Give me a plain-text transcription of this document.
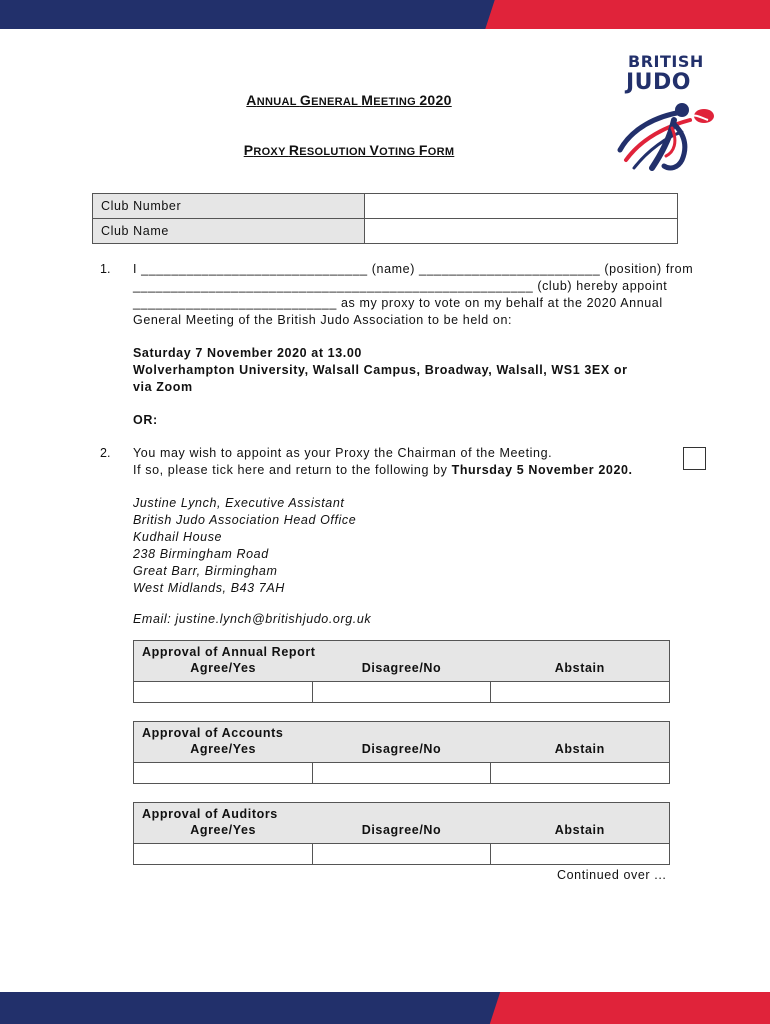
BRITISH
JUDO
ANNUAL GENERAL MEETING 2020
PROXY RESOLUTION VOTING FORM
Club Number	
Club Name	
1. I ______________________________ (name) ________________________ (position) from
_____________________________________________________ (club) hereby appoint
___________________________ as my proxy to vote on my behalf at the 2020 Annual
General Meeting of the British Judo Association to be held on:
Saturday 7 November 2020 at 13.00
Wolverhampton University, Walsall Campus, Broadway, Walsall, WS1 3EX or
via Zoom
OR:
2. You may wish to appoint as your Proxy the Chairman of the Meeting.
If so, please tick here and return to the following by Thursday 5 November 2020.
Justine Lynch, Executive Assistant
British Judo Association Head Office
Kudhail House
238 Birmingham Road
Great Barr, Birmingham
West Midlands, B43 7AH
Email: justine.lynch@britishjudo.org.uk
Approval of Annual Report
Agree/Yes	Disagree/No	Abstain
Approval of Accounts
Agree/Yes	Disagree/No	Abstain
Approval of Auditors
Agree/Yes	Disagree/No	Abstain
Continued over ...
